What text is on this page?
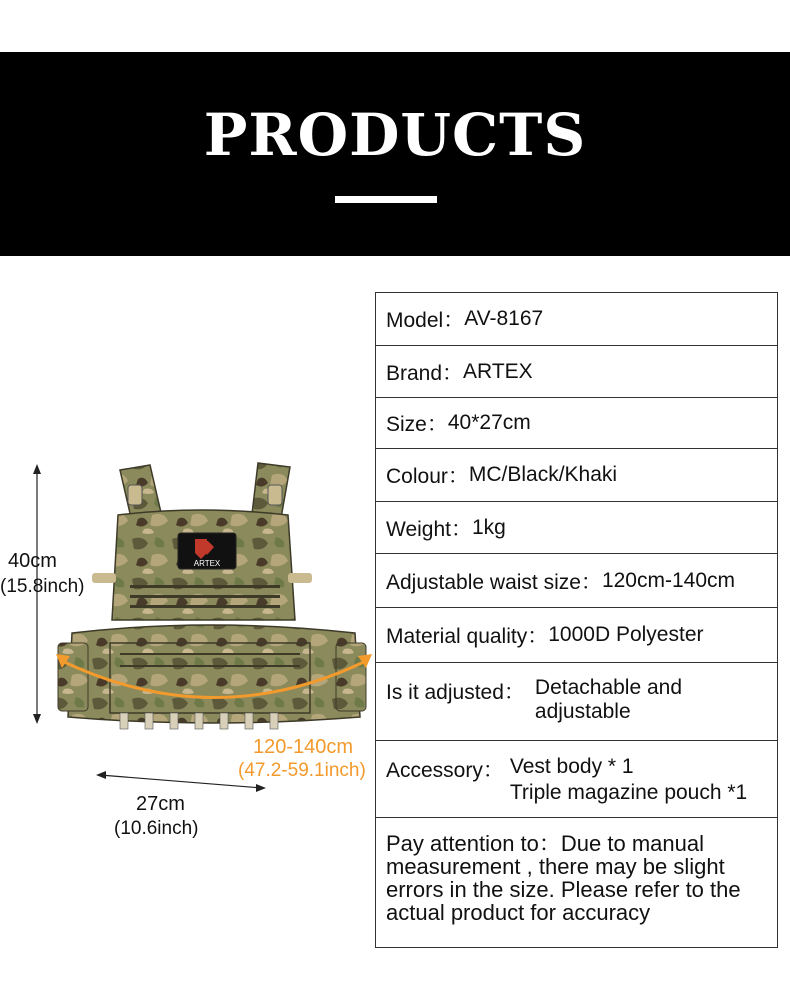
PRODUCTS
ARTEX
40cm
(15.8inch)
27cm
(10.6inch)
120-140cm
(47.2-59.1inch)
Model： AV-8167
Brand： ARTEX
Size： 40*27cm
Colour： MC/Black/Khaki
Weight： 1kg
Adjustable waist size： 120cm-140cm
Material quality： 1000D Polyester
Is it adjusted： Detachable and
adjustable
Accessory： Vest body * 1
Triple magazine pouch *1
Pay attention to：Due to manual
measurement , there may be slight
errors in the size. Please refer to the
actual product for accuracy
